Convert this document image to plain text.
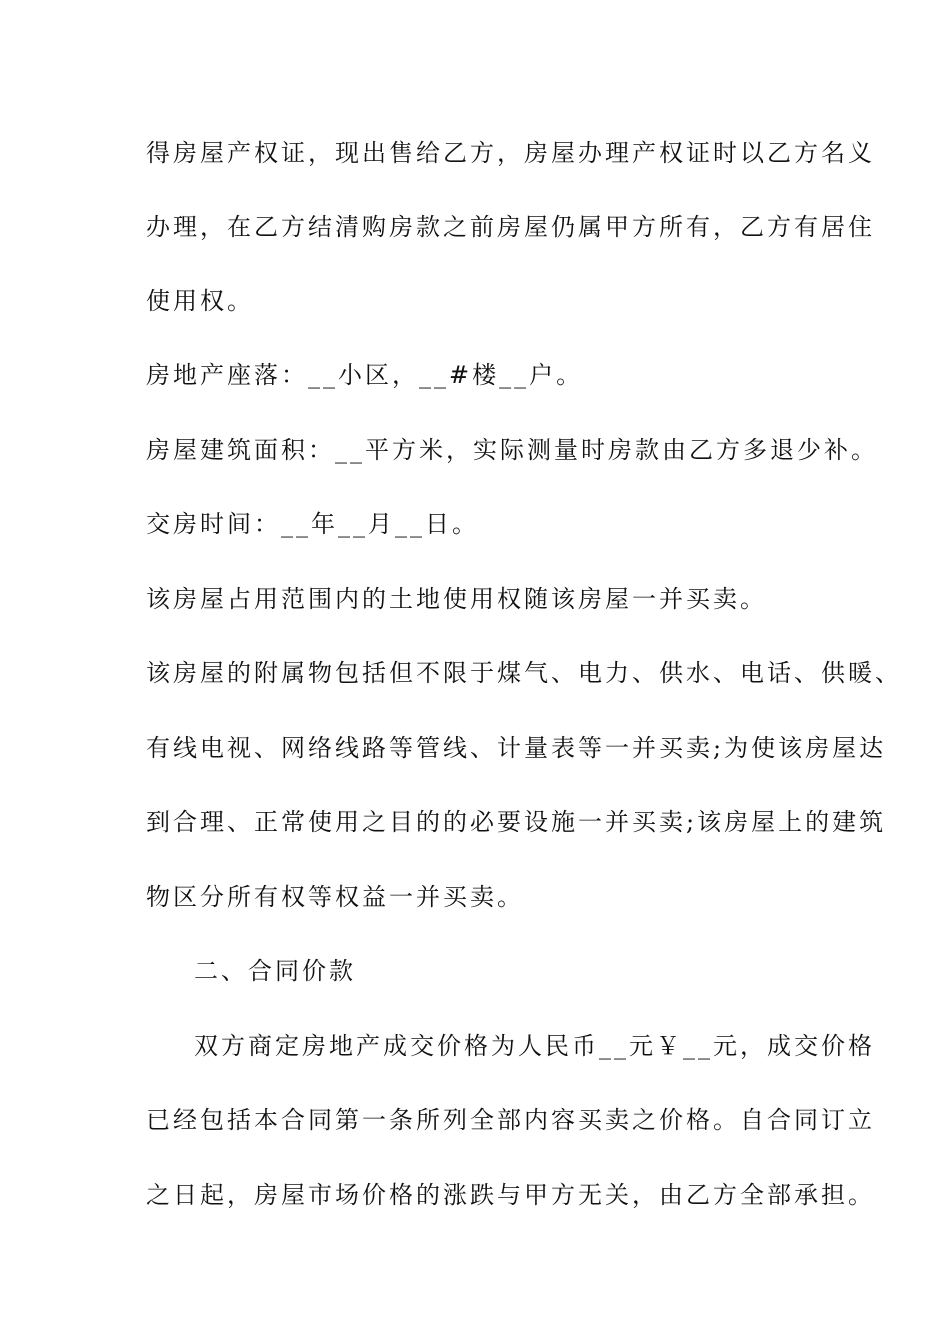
得房屋产权证，现出售给乙方，房屋办理产权证时以乙方名义
办理，在乙方结清购房款之前房屋仍属甲方所有，乙方有居住
使用权。
房地产座落：__小区，__#楼__户。
房屋建筑面积：__平方米，实际测量时房款由乙方多退少补。
交房时间：__年__月__日。
该房屋占用范围内的土地使用权随该房屋一并买卖。
该房屋的附属物包括但不限于煤气、电力、供水、电话、供暖、
有线电视、网络线路等管线、计量表等一并买卖;为使该房屋达
到合理、正常使用之目的的必要设施一并买卖;该房屋上的建筑
物区分所有权等权益一并买卖。
二、合同价款
双方商定房地产成交价格为人民币__元￥__元，成交价格
已经包括本合同第一条所列全部内容买卖之价格。自合同订立
之日起，房屋市场价格的涨跌与甲方无关，由乙方全部承担。
